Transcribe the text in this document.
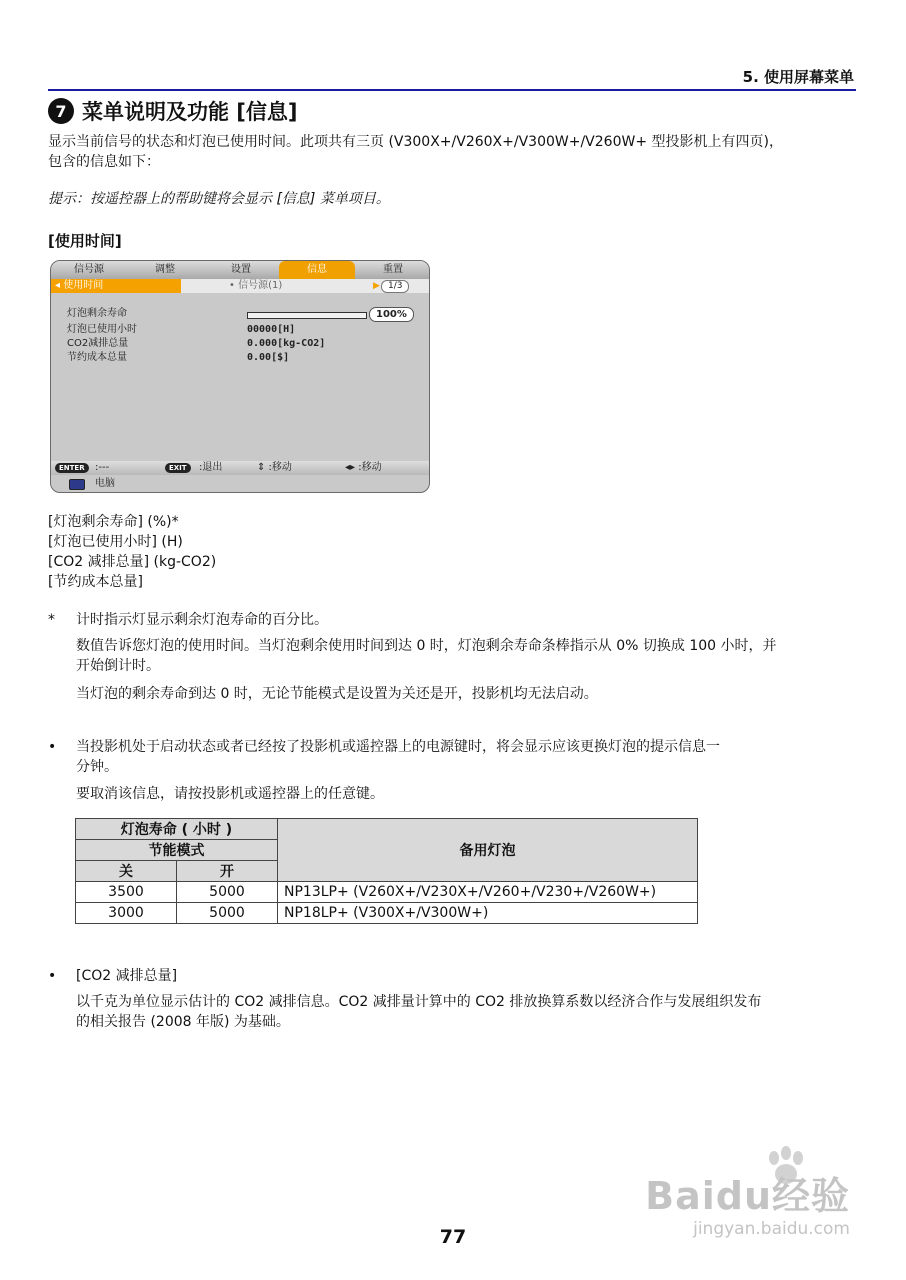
5. 使用屏幕菜单
7 菜单说明及功能 [信息]
显示当前信号的状态和灯泡已使用时间。此项共有三页 (V300X+/V260X+/V300W+/V260W+ 型投影机上有四页)，
包含的信息如下：
提示：按遥控器上的帮助键将会显示 [信息] 菜单项目。
[使用时间]
信号源	调整	设置	信息	重置
◂ 使用时间	• 信号源(1)	▶ 1/3
灯泡剩余寿命	100%
灯泡已使用小时	00000[H]
CO2减排总量	0.000[kg-CO2]
节约成本总量	0.00[$]
ENTER	:---	EXIT	:退出	⇕ :移动	◂▸ :移动
电脑
[灯泡剩余寿命] (%)*
[灯泡已使用小时] (H)
[CO2 减排总量] (kg-CO2)
[节约成本总量]
* 计时指示灯显示剩余灯泡寿命的百分比。
数值告诉您灯泡的使用时间。当灯泡剩余使用时间到达 0 时，灯泡剩余寿命条棒指示从 0% 切换成 100 小时，并
开始倒计时。
当灯泡的剩余寿命到达 0 时，无论节能模式是设置为关还是开，投影机均无法启动。
• 当投影机处于启动状态或者已经按了投影机或遥控器上的电源键时，将会显示应该更换灯泡的提示信息一
分钟。
要取消该信息，请按投影机或遥控器上的任意键。
灯泡寿命 ( 小时 )		备用灯泡
节能模式		
关	开	
3500	5000	NP13LP+ (V260X+/V230X+/V260+/V230+/V260W+)
3000	5000	NP18LP+ (V300X+/V300W+)
• [CO2 减排总量]
以千克为单位显示估计的 CO2 减排信息。CO2 减排量计算中的 CO2 排放换算系数以经济合作与发展组织发布
的相关报告 (2008 年版) 为基础。
Baidu经验
jingyan.baidu.com
77
